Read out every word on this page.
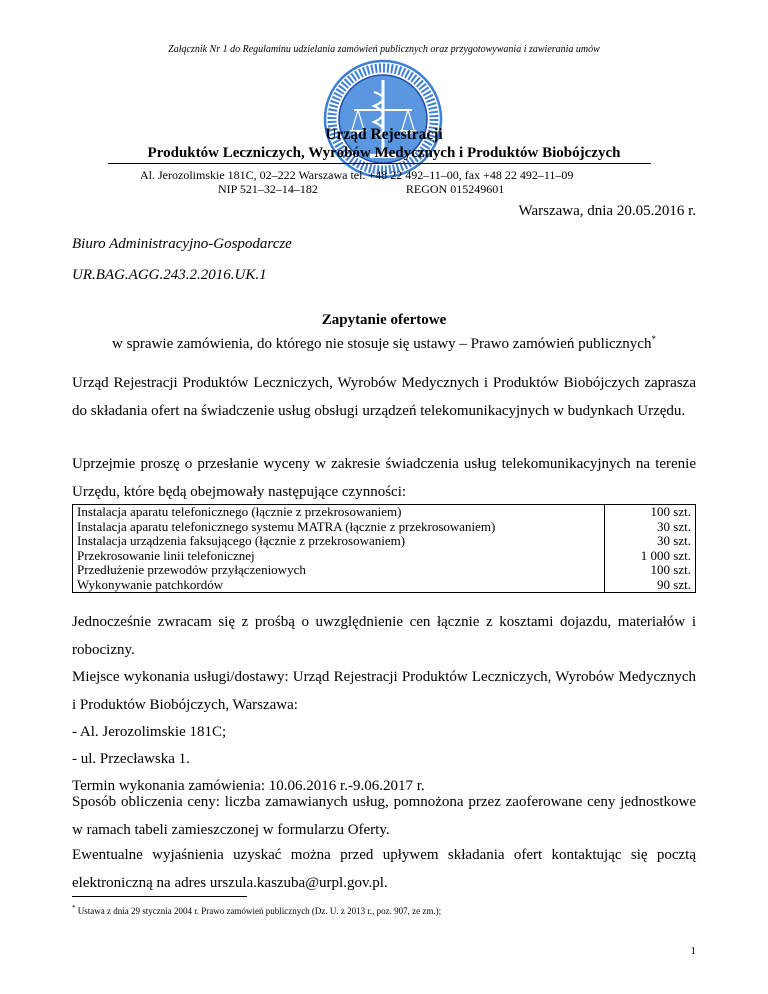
Załącznik Nr 1 do Regulaminu udzielania zamówień publicznych oraz przygotowywania i zawierania umów
Urząd Rejestracji
Produktów Leczniczych, Wyrobów Medycznych i Produktów Biobójczych
Al. Jerozolimskie 181C, 02–222 Warszawa tel. +48 22 492–11–00, fax +48 22 492–11–09
NIP 521–32–14–182	REGON 015249601
Warszawa, dnia 20.05.2016 r.
Biuro Administracyjno-Gospodarcze
UR.BAG.AGG.243.2.2016.UK.1
Zapytanie ofertowe
w sprawie zamówienia, do którego nie stosuje się ustawy – Prawo zamówień publicznych*
Urząd Rejestracji Produktów Leczniczych, Wyrobów Medycznych i Produktów Biobójczych zaprasza do składania ofert na świadczenie usług obsługi urządzeń telekomunikacyjnych w budynkach Urzędu.
Uprzejmie proszę o przesłanie wyceny w zakresie świadczenia usług telekomunikacyjnych na terenie Urzędu, które będą obejmowały następujące czynności:
Instalacja aparatu telefonicznego (łącznie z przekrosowaniem)	100 szt.
Instalacja aparatu telefonicznego systemu MATRA (łącznie z przekrosowaniem)	30 szt.
Instalacja urządzenia faksującego (łącznie z przekrosowaniem)	30 szt.
Przekrosowanie linii telefonicznej	1 000 szt.
Przedłużenie przewodów przyłączeniowych	100 szt.
Wykonywanie patchkordów	90 szt.
Jednocześnie zwracam się z prośbą o uwzględnienie cen łącznie z kosztami dojazdu, materiałów i robocizny.
Miejsce wykonania usługi/dostawy: Urząd Rejestracji Produktów Leczniczych, Wyrobów Medycznych i Produktów Biobójczych, Warszawa:
- Al. Jerozolimskie 181C;
- ul. Przecławska 1.
Termin wykonania zamówienia: 10.06.2016 r.-9.06.2017 r.
Sposób obliczenia ceny: liczba zamawianych usług, pomnożona przez zaoferowane ceny jednostkowe w ramach tabeli zamieszczonej w formularzu Oferty.
Ewentualne wyjaśnienia uzyskać można przed upływem składania ofert kontaktując się pocztą elektroniczną na adres urszula.kaszuba@urpl.gov.pl.
* Ustawa z dnia 29 stycznia 2004 r. Prawo zamówień publicznych (Dz. U. z 2013 r., poz. 907, ze zm.);
1
